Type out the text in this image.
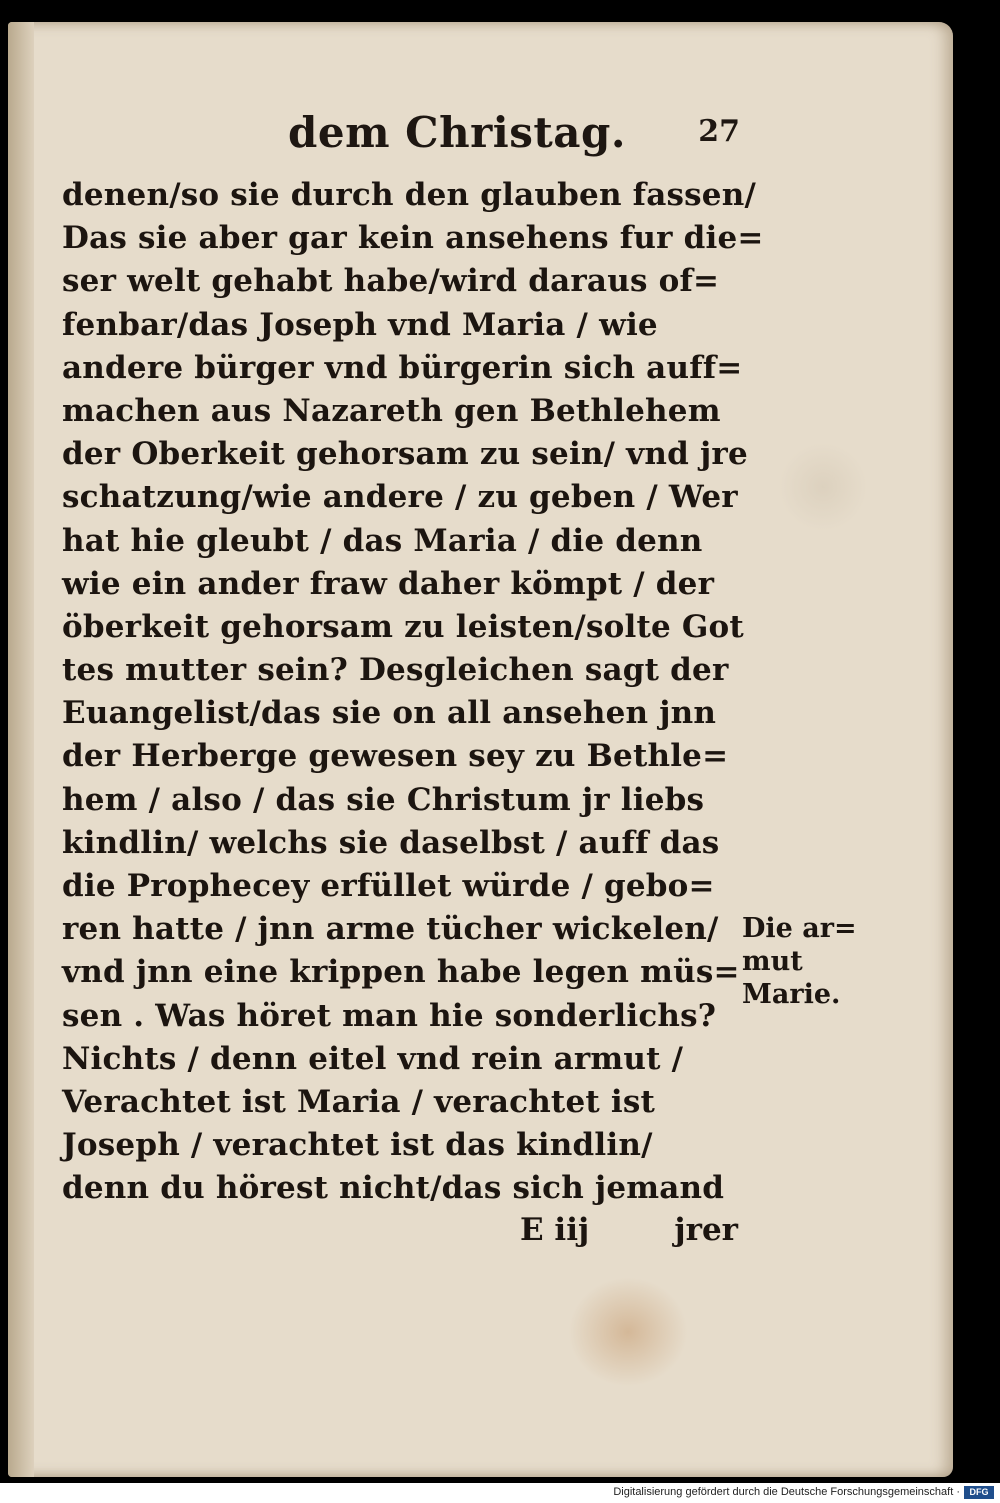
dem Christag. 27
denen/so sie durch den glauben fassen/
Das sie aber gar kein ansehens fur die=
ser welt gehabt habe/wird daraus of=
fenbar/das Joseph vnd Maria / wie
andere bürger vnd bürgerin sich auff=
machen aus Nazareth gen Bethlehem
der Oberkeit gehorsam zu sein/ vnd jre
schatzung/wie andere / zu geben / Wer
hat hie gleubt / das Maria / die denn
wie ein ander fraw daher kömpt / der
öberkeit gehorsam zu leisten/solte Got
tes mutter sein? Desgleichen sagt der
Euangelist/das sie on all ansehen jnn
der Herberge gewesen sey zu Bethle=
hem / also / das sie Christum jr liebs
kindlin/ welchs sie daselbst / auff das
die Prophecey erfüllet würde / gebo=
ren hatte / jnn arme tücher wickelen/
vnd jnn eine krippen habe legen müs=
sen . Was höret man hie sonderlichs?
Nichts / denn eitel vnd rein armut /
Verachtet ist Maria / verachtet ist
Joseph / verachtet ist das kindlin/
denn du hörest nicht/das sich jemand
E iij	jrer
Die ar=
mut
Marie.
Digitalisierung gefördert durch die Deutsche Forschungsgemeinschaft ·	DFG
